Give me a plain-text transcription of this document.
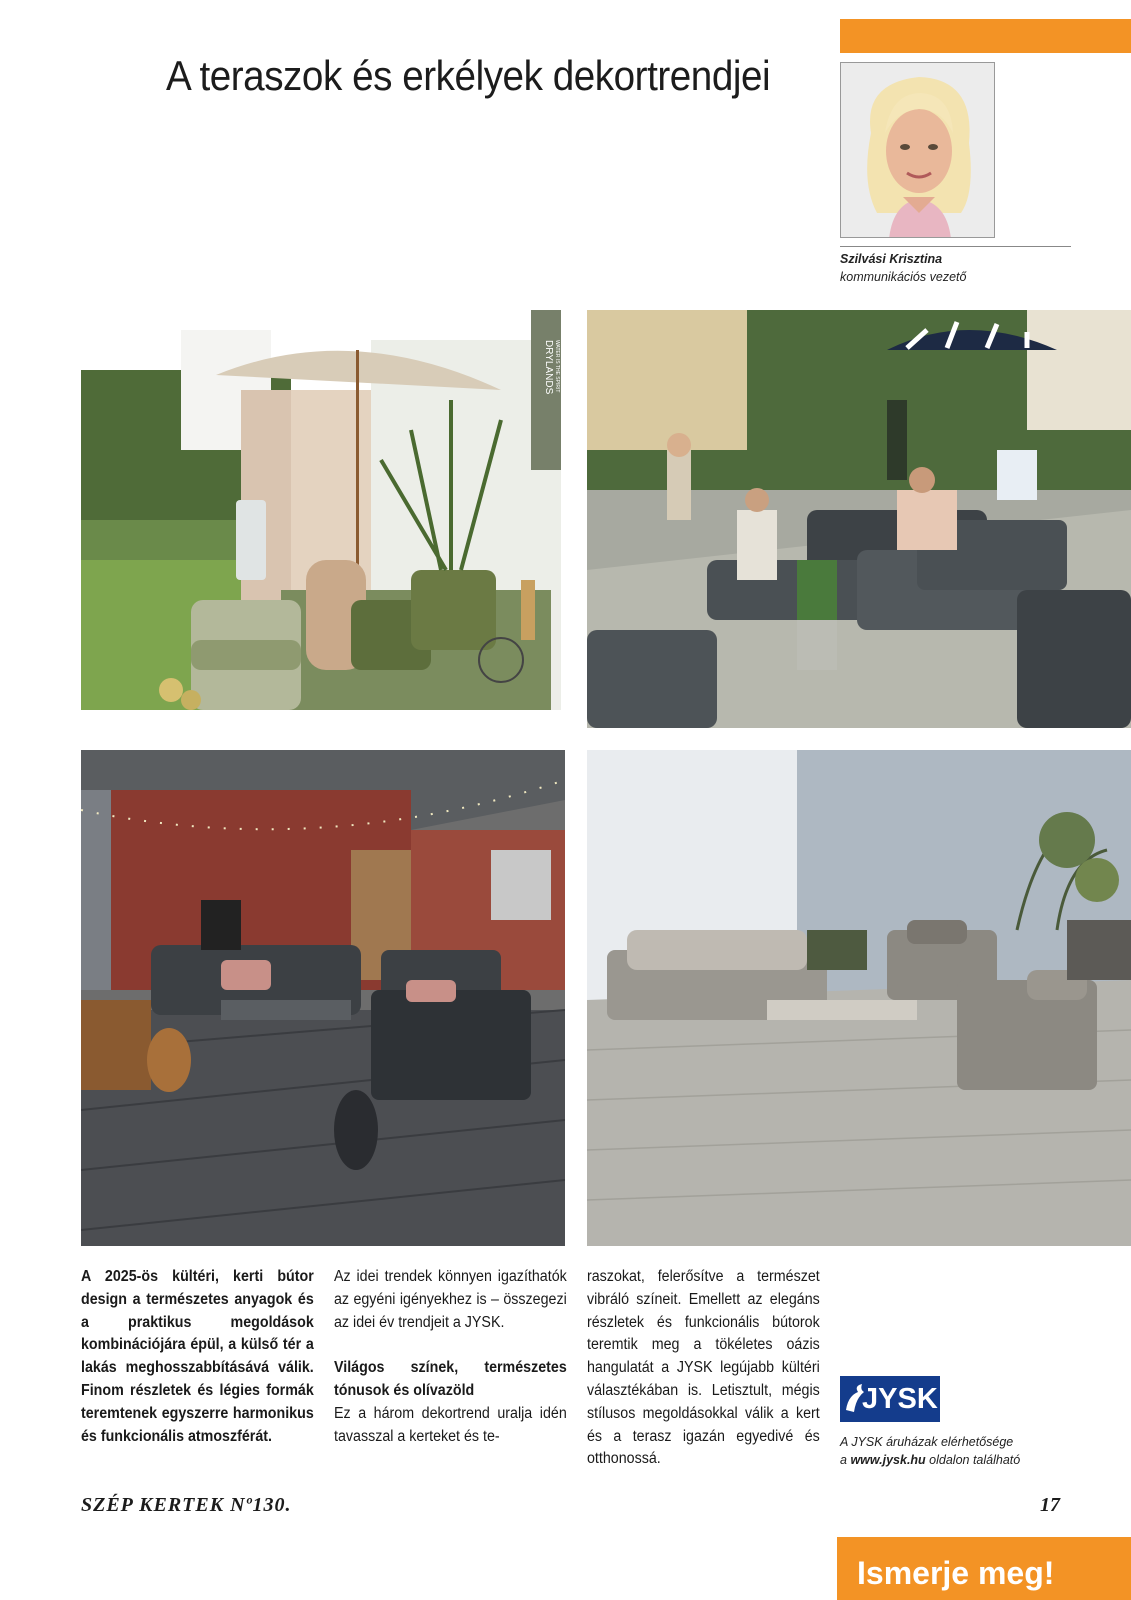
A teraszok és erkélyek dekortrendjei
Szilvási Krisztina
kommunikációs vezető
DRYLANDS WATER IS THE SPIRIT

A 2025-ös kültéri, kerti bútor design a természetes anyagok és a praktikus megoldások kombinációjára épül, a külső tér a lakás meghosszabbításává válik. Finom részletek és légies formák teremtenek egyszerre harmonikus és funkcionális atmoszférát.

Az idei trendek könnyen igazíthatók az egyéni igényekhez is – összegezi az idei év trendjeit a JYSK.

Világos színek, természetes tónusok és olívazöld

Ez a három dekortrend uralja idén tavasszal a kerteket és te-

raszokat, felerősítve a természet vibráló színeit. Emellett az elegáns részletek és funkcionális bútorok teremtik meg a tökéletes oázis hangulatát a JYSK legújabb kültéri választékában is. Letisztult, mégis stílusos megoldásokkal válik a kert és a terasz igazán egyedivé és otthonossá.

JYSK
A JYSK áruházak elérhetősége
a www.jysk.hu oldalon található
SZÉP KERTEK Nº130.	17
Ismerje meg!
